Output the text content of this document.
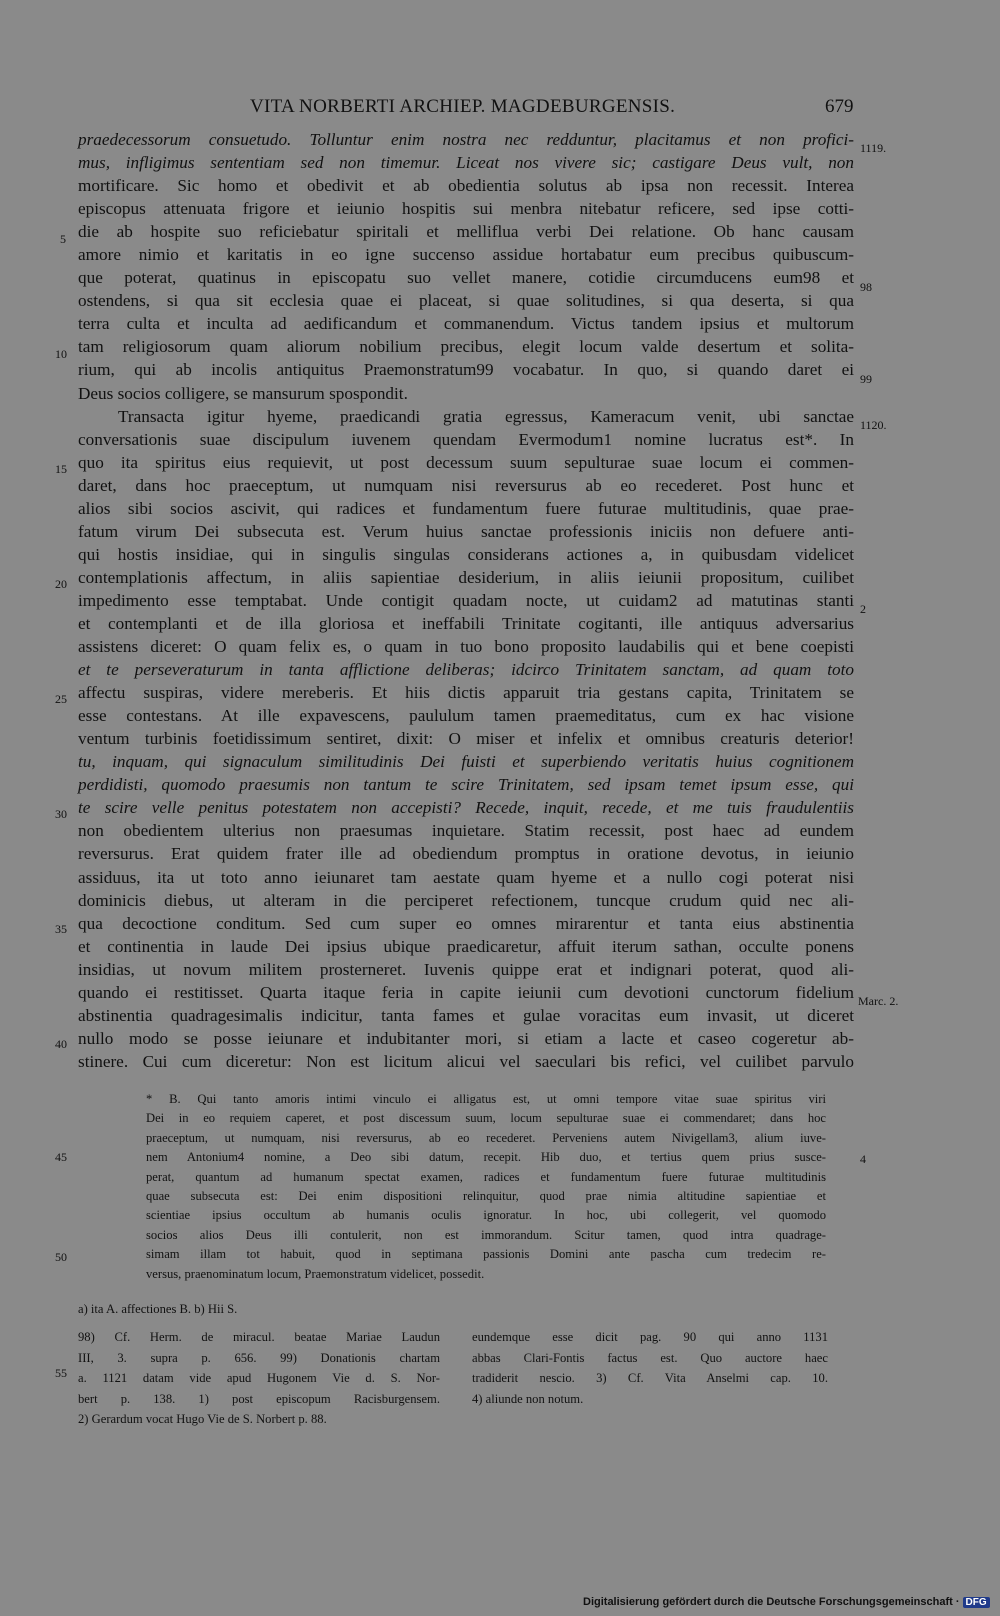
VITA NORBERTI ARCHIEP. MAGDEBURGENSIS.	679
praedecessorum consuetudo. Tolluntur enim nostra nec redduntur, placitamus et non profici-
mus, infligimus sententiam sed non timemur. Liceat nos vivere sic; castigare Deus vult, non
mortificare. Sic homo et obedivit et ab obedientia solutus ab ipsa non recessit. Interea
episcopus attenuata frigore et ieiunio hospitis sui menbra nitebatur reficere, sed ipse cotti-
die ab hospite suo reficiebatur spiritali et melliflua verbi Dei relatione. Ob hanc causam
amore nimio et karitatis in eo igne succenso assidue hortabatur eum precibus quibuscum-
que poterat, quatinus in episcopatu suo vellet manere, cotidie circumducens eum98 et
ostendens, si qua sit ecclesia quae ei placeat, si quae solitudines, si qua deserta, si qua
terra culta et inculta ad aedificandum et commanendum. Victus tandem ipsius et multorum
tam religiosorum quam aliorum nobilium precibus, elegit locum valde desertum et solita-
rium, qui ab incolis antiquitus Praemonstratum99 vocabatur. In quo, si quando daret ei
Deus socios colligere, se mansurum spospondit.
Transacta igitur hyeme, praedicandi gratia egressus, Kameracum venit, ubi sanctae
conversationis suae discipulum iuvenem quendam Evermodum1 nomine lucratus est*. In
quo ita spiritus eius requievit, ut post decessum suum sepulturae suae locum ei commen-
daret, dans hoc praeceptum, ut numquam nisi reversurus ab eo recederet. Post hunc et
alios sibi socios ascivit, qui radices et fundamentum fuere futurae multitudinis, quae prae-
fatum virum Dei subsecuta est. Verum huius sanctae professionis iniciis non defuere anti-
qui hostis insidiae, qui in singulis singulas considerans actiones a, in quibusdam videlicet
contemplationis affectum, in aliis sapientiae desiderium, in aliis ieiunii propositum, cuilibet
impedimento esse temptabat. Unde contigit quadam nocte, ut cuidam2 ad matutinas stanti
et contemplanti et de illa gloriosa et ineffabili Trinitate cogitanti, ille antiquus adversarius
assistens diceret: O quam felix es, o quam in tuo bono proposito laudabilis qui et bene coepisti
et te perseveraturum in tanta afflictione deliberas; idcirco Trinitatem sanctam, ad quam toto
affectu suspiras, videre mereberis. Et hiis dictis apparuit tria gestans capita, Trinitatem se
esse contestans. At ille expavescens, paululum tamen praemeditatus, cum ex hac visione
ventum turbinis foetidissimum sentiret, dixit: O miser et infelix et omnibus creaturis deterior!
tu, inquam, qui signaculum similitudinis Dei fuisti et superbiendo veritatis huius cognitionem
perdidisti, quomodo praesumis non tantum te scire Trinitatem, sed ipsam temet ipsum esse, qui
te scire velle penitus potestatem non accepisti? Recede, inquit, recede, et me tuis fraudulentiis
non obedientem ulterius non praesumas inquietare. Statim recessit, post haec ad eundem
reversurus. Erat quidem frater ille ad obediendum promptus in oratione devotus, in ieiunio
assiduus, ita ut toto anno ieiunaret tam aestate quam hyeme et a nullo cogi poterat nisi
dominicis diebus, ut alteram in die perciperet refectionem, tuncque crudum quid nec ali-
qua decoctione conditum. Sed cum super eo omnes mirarentur et tanta eius abstinentia
et continentia in laude Dei ipsius ubique praedicaretur, affuit iterum sathan, occulte ponens
insidias, ut novum militem prosterneret. Iuvenis quippe erat et indignari poterat, quod ali-
quando ei restitisset. Quarta itaque feria in capite ieiunii cum devotioni cunctorum fidelium
abstinentia quadragesimalis indicitur, tanta fames et gulae voracitas eum invasit, ut diceret
nullo modo se posse ieiunare et indubitanter mori, si etiam a lacte et caseo cogeretur ab-
stinere. Cui cum diceretur: Non est licitum alicui vel saeculari bis refici, vel cuilibet parvulo
5
10
15
20
25
30
35
40
45
50
55
1119.
98
99
1120.
2
Marc. 2.
4
* B. Qui tanto amoris intimi vinculo ei alligatus est, ut omni tempore vitae suae spiritus viri
Dei in eo requiem caperet, et post discessum suum, locum sepulturae suae ei commendaret; dans hoc
praeceptum, ut numquam, nisi reversurus, ab eo recederet. Perveniens autem Nivigellam3, alium iuve-
nem Antonium4 nomine, a Deo sibi datum, recepit. Hib duo, et tertius quem prius susce-
perat, quantum ad humanum spectat examen, radices et fundamentum fuere futurae multitudinis
quae subsecuta est: Dei enim dispositioni relinquitur, quod prae nimia altitudine sapientiae et
scientiae ipsius occultum ab humanis oculis ignoratur. In hoc, ubi collegerit, vel quomodo
socios alios Deus illi contulerit, non est immorandum. Scitur tamen, quod intra quadrage-
simam illam tot habuit, quod in septimana passionis Domini ante pascha cum tredecim re-
versus, praenominatum locum, Praemonstratum videlicet, possedit.
a) ita A. affectiones B. b) Hii S.
98) Cf. Herm. de miracul. beatae Mariae Laudun
III, 3. supra p. 656. 99) Donationis chartam
a. 1121 datam vide apud Hugonem Vie d. S. Nor-
bert p. 138. 1) post episcopum Racisburgensem.
2) Gerardum vocat Hugo Vie de S. Norbert p. 88.
eundemque esse dicit pag. 90 qui anno 1131
abbas Clari-Fontis factus est. Quo auctore haec
tradiderit nescio. 3) Cf. Vita Anselmi cap. 10.
4) aliunde non notum.
Digitalisierung gefördert durch die Deutsche Forschungsgemeinschaft · DFG
